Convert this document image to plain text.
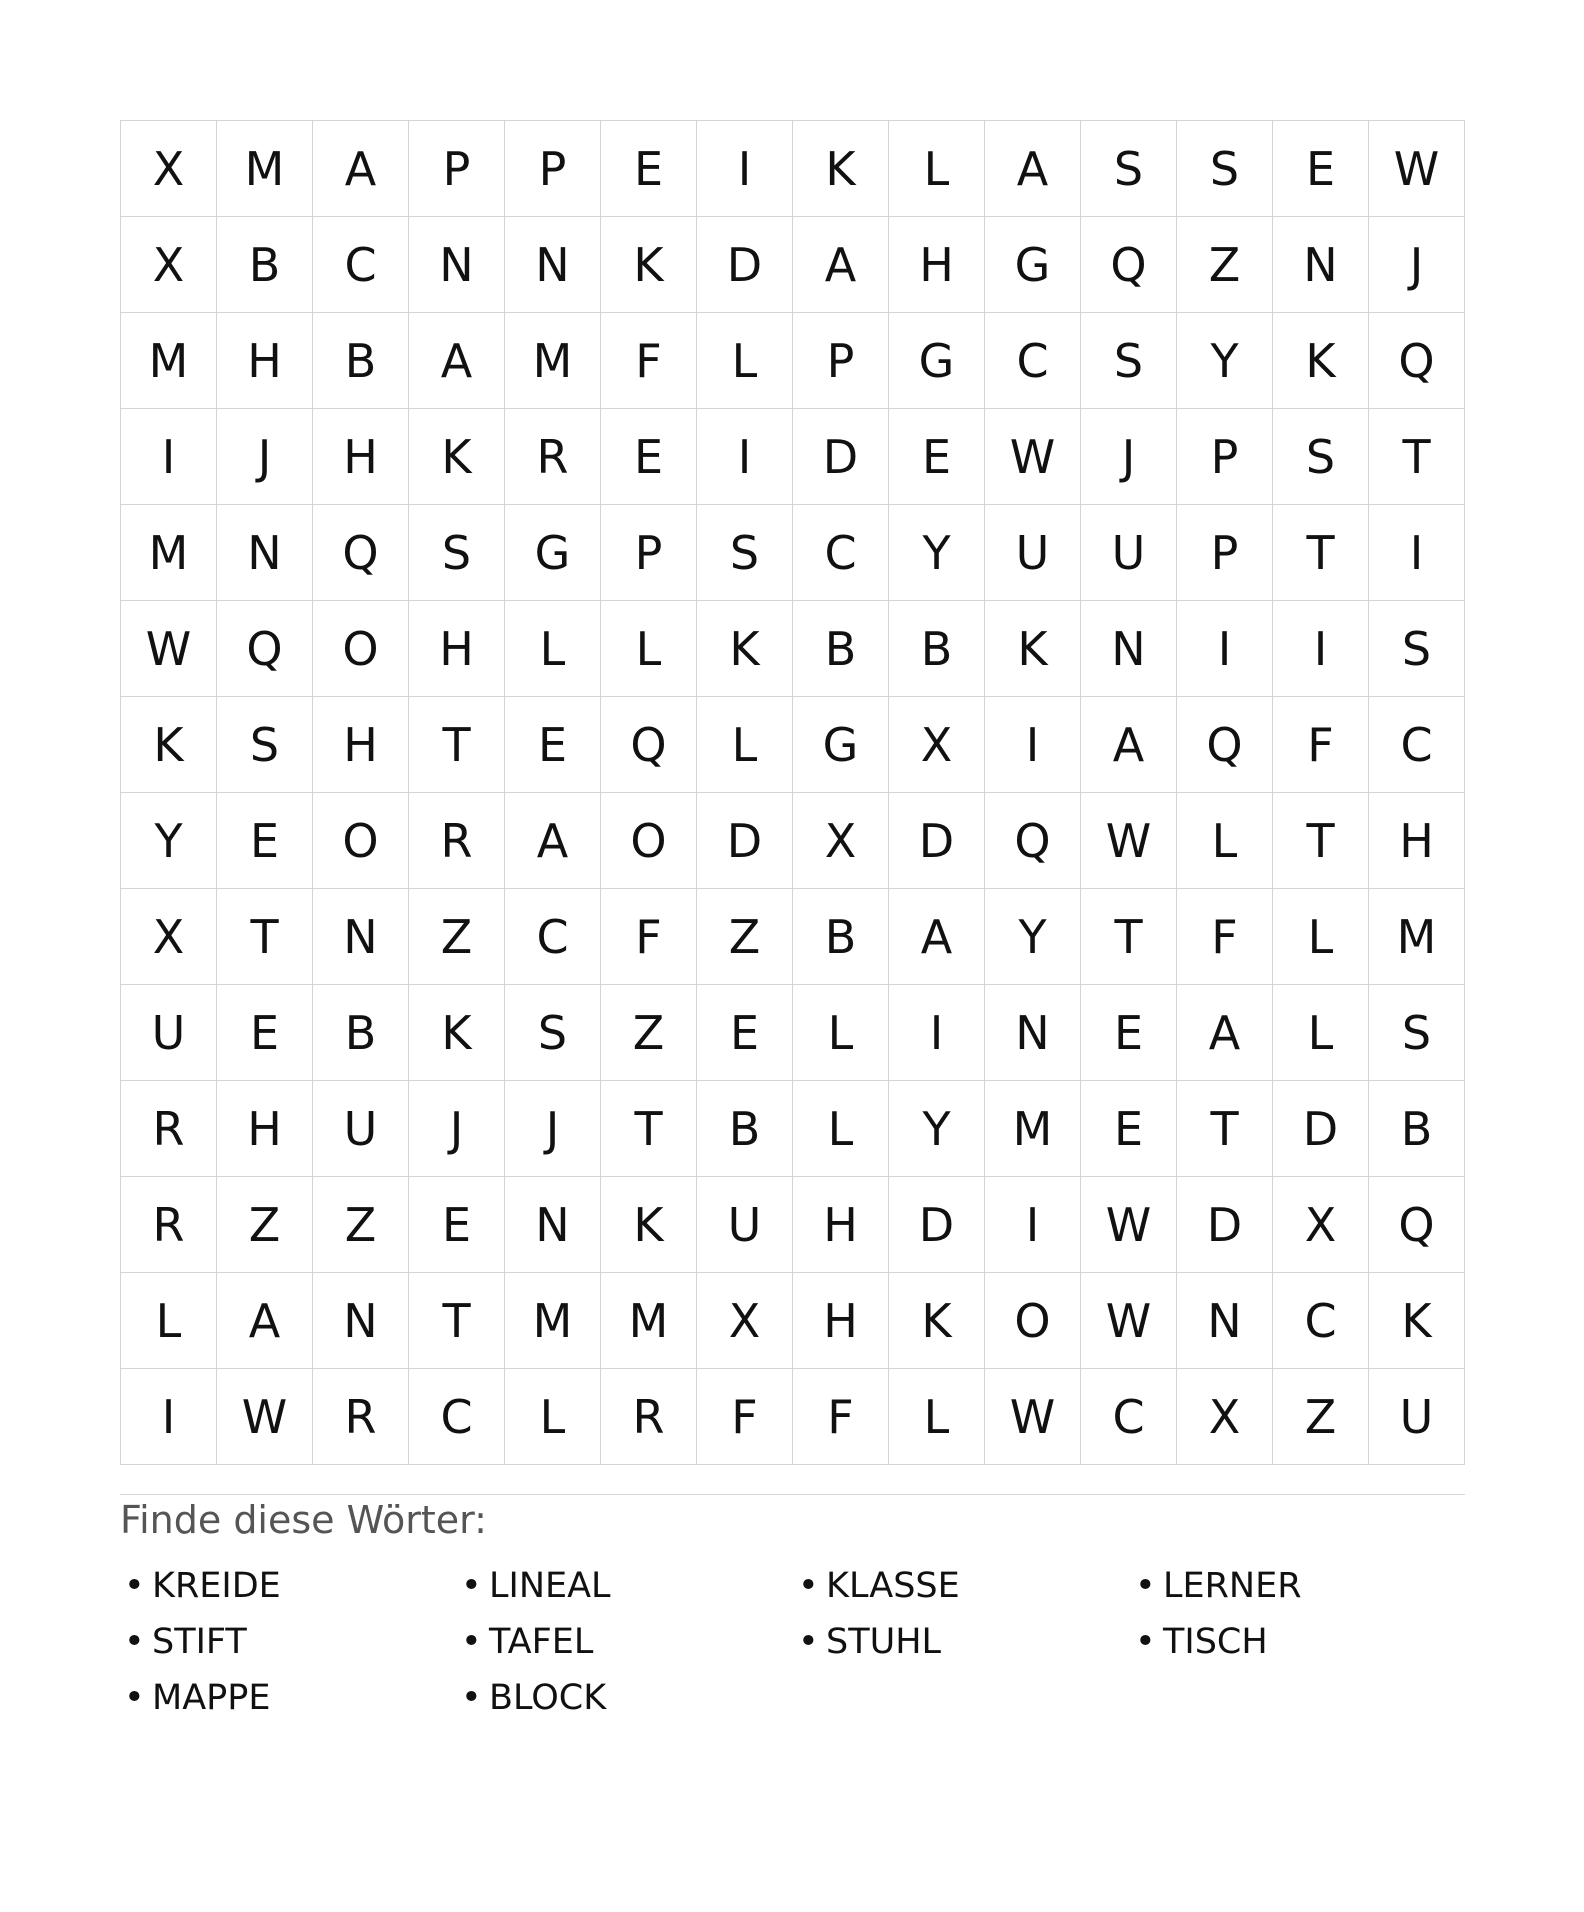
X	M	A	P	P	E	I	K	L	A	S	S	E	W
X	B	C	N	N	K	D	A	H	G	Q	Z	N	J
M	H	B	A	M	F	L	P	G	C	S	Y	K	Q
I	J	H	K	R	E	I	D	E	W	J	P	S	T
M	N	Q	S	G	P	S	C	Y	U	U	P	T	I
W	Q	O	H	L	L	K	B	B	K	N	I	I	S
K	S	H	T	E	Q	L	G	X	I	A	Q	F	C
Y	E	O	R	A	O	D	X	D	Q	W	L	T	H
X	T	N	Z	C	F	Z	B	A	Y	T	F	L	M
U	E	B	K	S	Z	E	L	I	N	E	A	L	S
R	H	U	J	J	T	B	L	Y	M	E	T	D	B
R	Z	Z	E	N	K	U	H	D	I	W	D	X	Q
L	A	N	T	M	M	X	H	K	O	W	N	C	K
I	W	R	C	L	R	F	F	L	W	C	X	Z	U
Finde diese Wörter:
• KREIDE	• LINEAL	• KLASSE	• LERNER
• STIFT	• TAFEL	• STUHL	• TISCH
• MAPPE	• BLOCK
